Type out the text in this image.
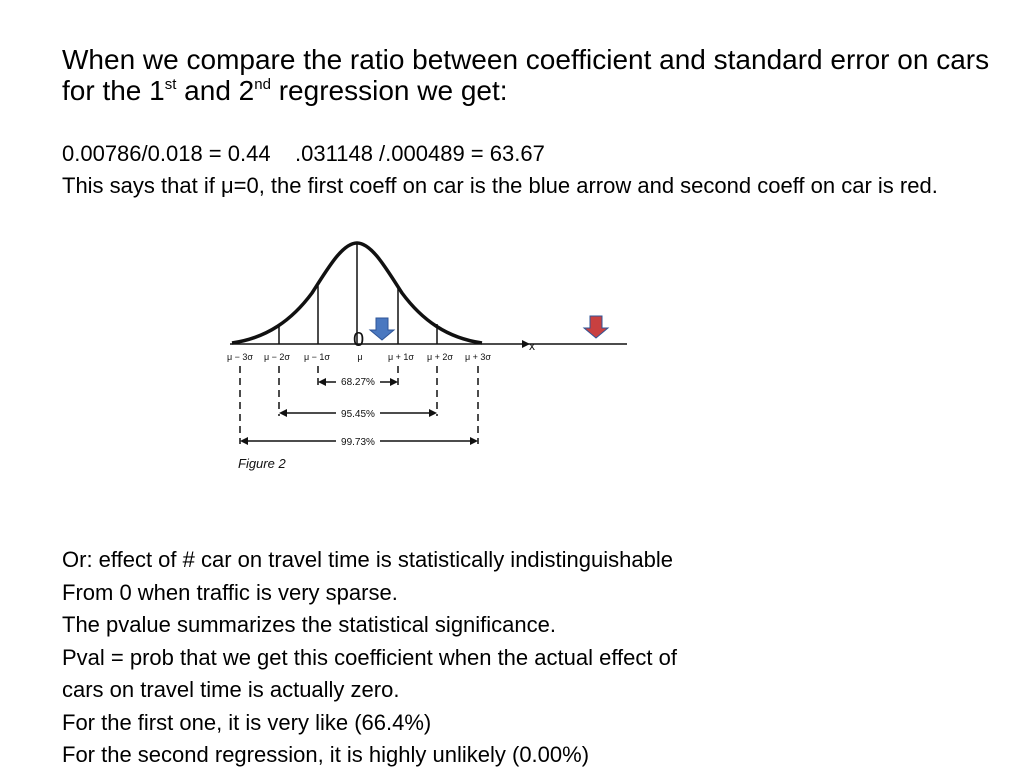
When we compare the ratio between coefficient and standard error on cars for the 1st and 2nd regression we get:
0.00786/0.018 = 0.44 .031148 /.000489 = 63.67
This says that if μ=0, the first coeff on car is the blue arrow and second coeff on car is red.
0	x
μ − 3σ μ − 2σ μ − 1σ	μ	μ + 1σ μ + 2σ μ + 3σ
68.27%
95.45%
99.73%
Figure 2
Or: effect of # car on travel time is statistically indistinguishable
From 0 when traffic is very sparse.
The pvalue summarizes the statistical significance.
Pval = prob that we get this coefficient when the actual effect of
cars on travel time is actually zero.
For the first one, it is very like (66.4%)
For the second regression, it is highly unlikely (0.00%)
